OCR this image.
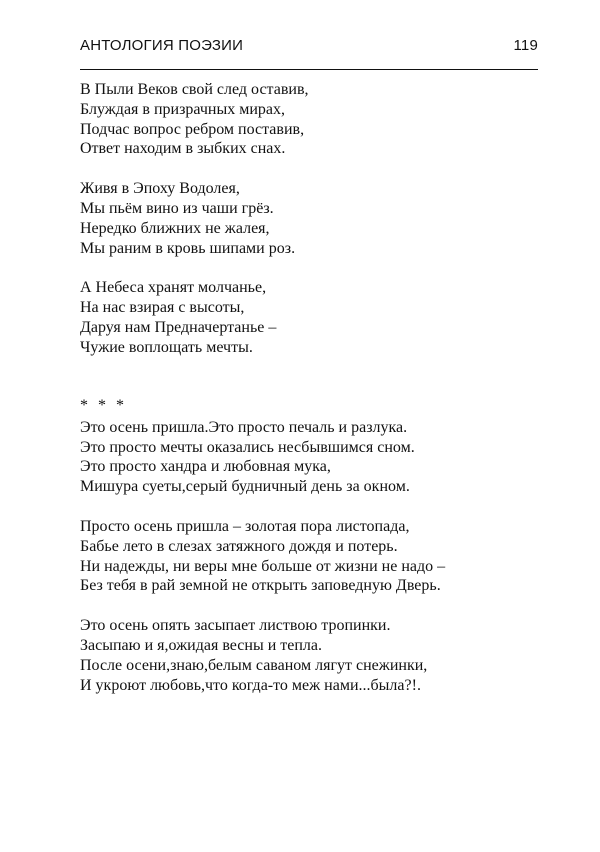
АНТОЛОГИЯ ПОЭЗИИ	119
В Пыли Веков свой след оставив,
Блуждая в призрачных мирах,
Подчас вопрос ребром поставив,
Ответ находим в зыбких снах.
Живя в Эпоху Водолея,
Мы пьём вино из чаши грёз.
Нередко ближних не жалея,
Мы раним в кровь шипами роз.
А Небеса хранят молчанье,
На нас взирая с высоты,
Даруя нам Предначертанье –
Чужие воплощать мечты.
* * *
Это осень пришла.Это просто печаль и разлука.
Это просто мечты оказались несбывшимся сном.
Это просто хандра и любовная мука,
Мишура суеты,серый будничный день за окном.
Просто осень пришла – золотая пора листопада,
Бабье лето в слезах затяжного дождя и потерь.
Ни надежды, ни веры мне больше от жизни не надо –
Без тебя в рай земной не открыть заповедную Дверь.
Это осень опять засыпает листвою тропинки.
Засыпаю и я,ожидая весны и тепла.
После осени,знаю,белым саваном лягут снежинки,
И укроют любовь,что когда-то меж нами...была?!.
